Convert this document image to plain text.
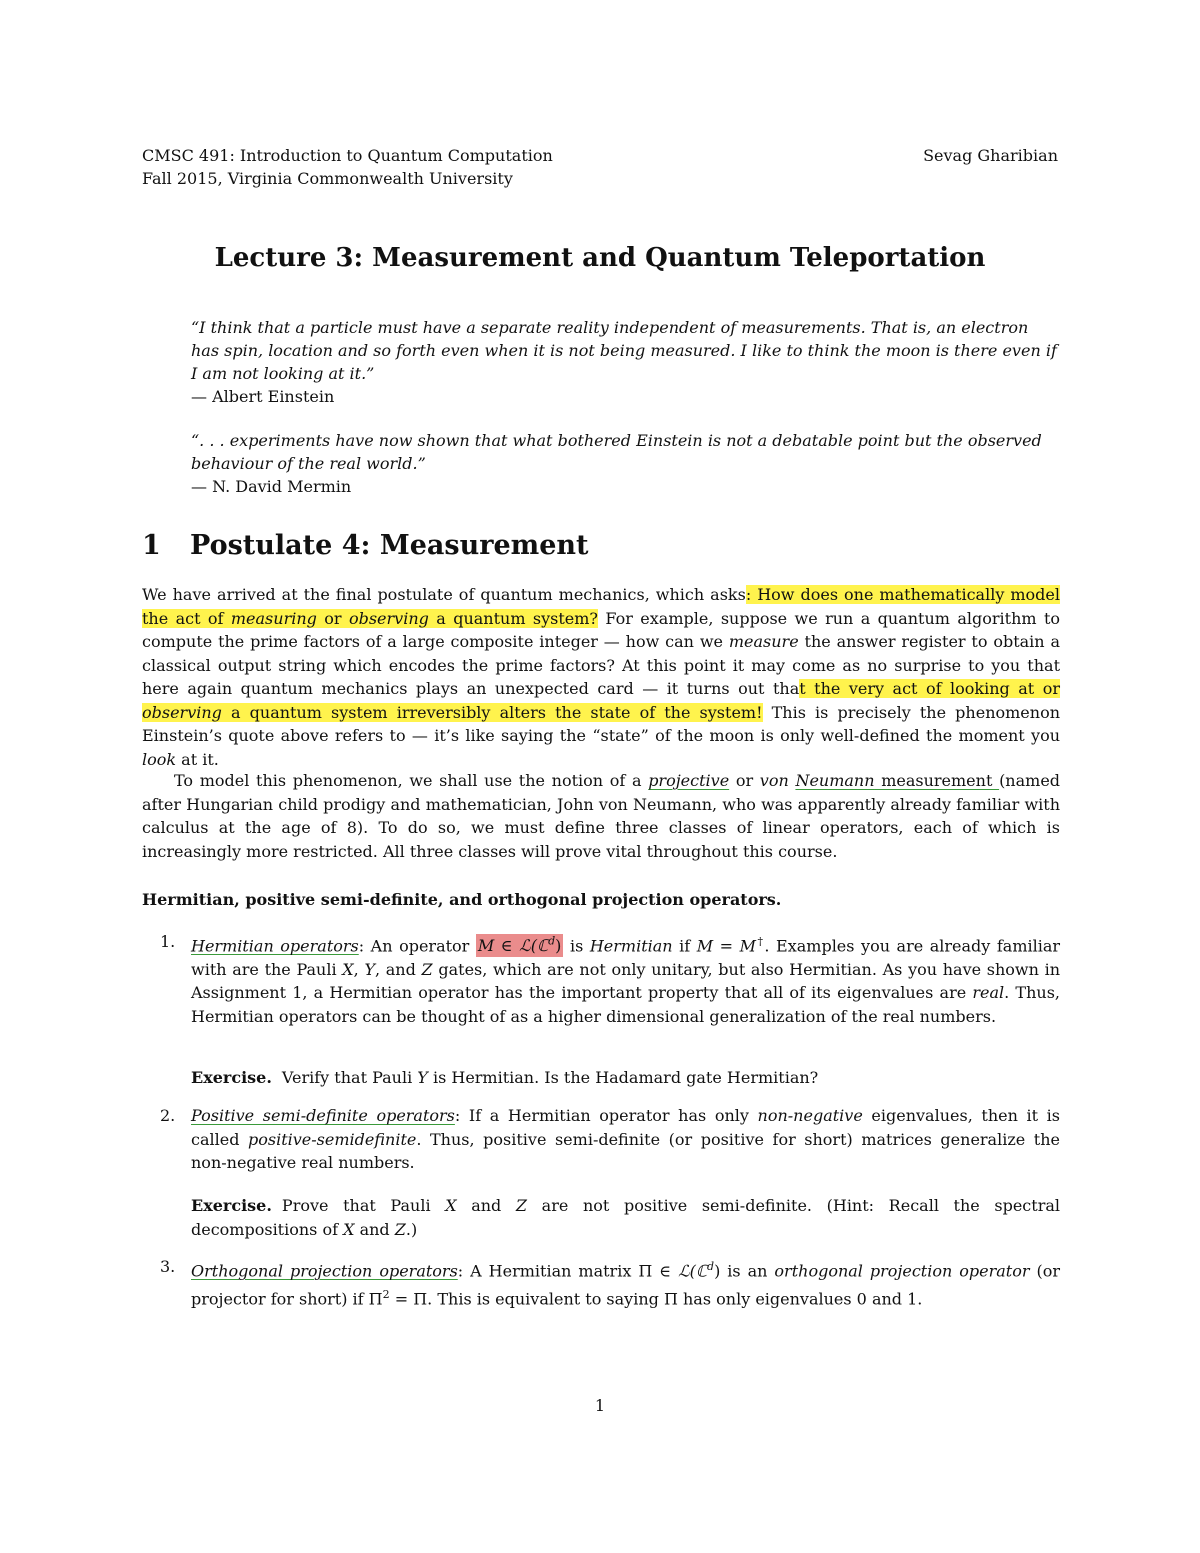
CMSC 491: Introduction to Quantum Computation	Sevag Gharibian
Fall 2015, Virginia Commonwealth University
Lecture 3: Measurement and Quantum Teleportation
“I think that a particle must have a separate reality independent of measurements. That is, an electron has spin, location and so forth even when it is not being measured. I like to think the moon is there even if I am not looking at it.”
— Albert Einstein
“. . . experiments have now shown that what bothered Einstein is not a debatable point but the observed behaviour of the real world.”
— N. David Mermin
1 Postulate 4: Measurement

We have arrived at the final postulate of quantum mechanics, which asks: How does one mathematically model the act of measuring or observing a quantum system? For example, suppose we run a quantum algorithm to compute the prime factors of a large composite integer — how can we measure the answer register to obtain a classical output string which encodes the prime factors? At this point it may come as no surprise to you that here again quantum mechanics plays an unexpected card — it turns out that the very act of looking at or observing a quantum system irreversibly alters the state of the system! This is precisely the phenomenon Einstein’s quote above refers to — it’s like saying the “state” of the moon is only well-defined the moment you look at it.

To model this phenomenon, we shall use the notion of a projective or von Neumann measurement (named after Hungarian child prodigy and mathematician, John von Neumann, who was apparently already familiar with calculus at the age of 8). To do so, we must define three classes of linear operators, each of which is increasingly more restricted. All three classes will prove vital throughout this course.

Hermitian, positive semi-definite, and orthogonal projection operators.
1. Hermitian operators: An operator M ∈ ℒ(ℂ$^d$) is Hermitian if M = M†. Examples you are already familiar with are the Pauli X, Y, and Z gates, which are not only unitary, but also Hermitian. As you have shown in Assignment 1, a Hermitian operator has the important property that all of its eigenvalues are real. Thus, Hermitian operators can be thought of as a higher dimensional generalization of the real numbers.
Exercise. Verify that Pauli Y is Hermitian. Is the Hadamard gate Hermitian?
2. Positive semi-definite operators: If a Hermitian operator has only non-negative eigenvalues, then it is called positive-semidefinite. Thus, positive semi-definite (or positive for short) matrices generalize the non-negative real numbers.
Exercise. Prove that Pauli X and Z are not positive semi-definite. (Hint: Recall the spectral decompositions of X and Z.)
3. Orthogonal projection operators: A Hermitian matrix Π ∈ ℒ(ℂ$^d$) is an orthogonal projection operator (or projector for short) if $\Pi^2 = \Pi$. This is equivalent to saying Π has only eigenvalues 0 and 1.
1
